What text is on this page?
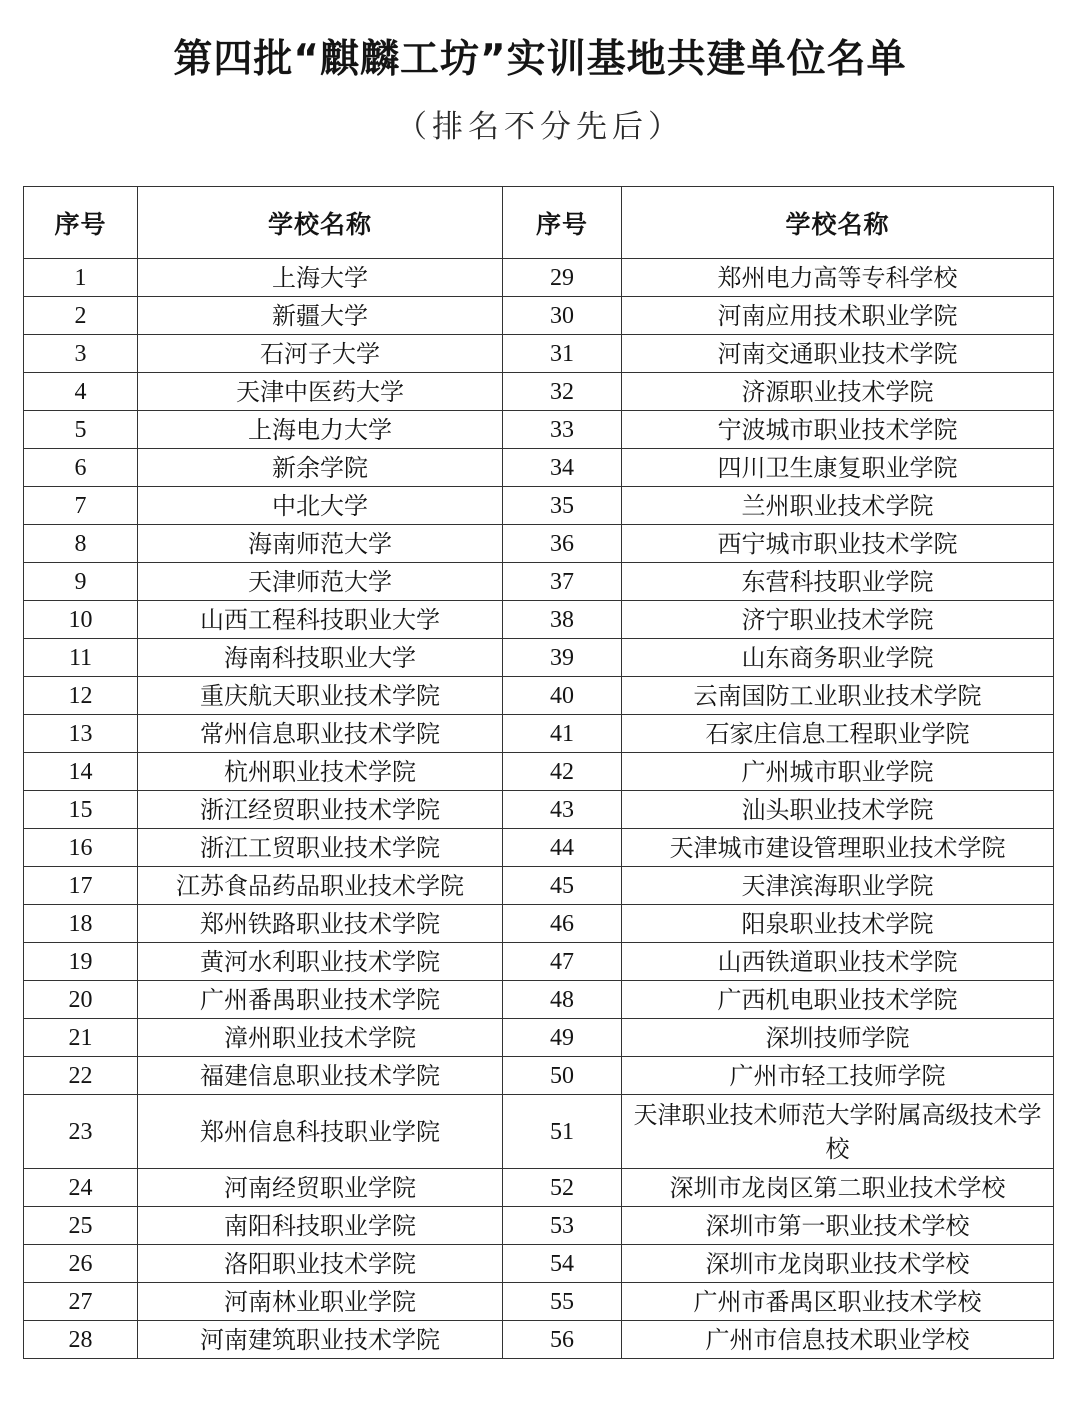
第四批“麒麟工坊”实训基地共建单位名单
（排名不分先后）
序号	学校名称	序号	学校名称
1	上海大学	29	郑州电力高等专科学校
2	新疆大学	30	河南应用技术职业学院
3	石河子大学	31	河南交通职业技术学院
4	天津中医药大学	32	济源职业技术学院
5	上海电力大学	33	宁波城市职业技术学院
6	新余学院	34	四川卫生康复职业学院
7	中北大学	35	兰州职业技术学院
8	海南师范大学	36	西宁城市职业技术学院
9	天津师范大学	37	东营科技职业学院
10	山西工程科技职业大学	38	济宁职业技术学院
11	海南科技职业大学	39	山东商务职业学院
12	重庆航天职业技术学院	40	云南国防工业职业技术学院
13	常州信息职业技术学院	41	石家庄信息工程职业学院
14	杭州职业技术学院	42	广州城市职业学院
15	浙江经贸职业技术学院	43	汕头职业技术学院
16	浙江工贸职业技术学院	44	天津城市建设管理职业技术学院
17	江苏食品药品职业技术学院	45	天津滨海职业学院
18	郑州铁路职业技术学院	46	阳泉职业技术学院
19	黄河水利职业技术学院	47	山西铁道职业技术学院
20	广州番禺职业技术学院	48	广西机电职业技术学院
21	漳州职业技术学院	49	深圳技师学院
22	福建信息职业技术学院	50	广州市轻工技师学院
23	郑州信息科技职业学院	51	天津职业技术师范大学附属高级技术学校
24	河南经贸职业学院	52	深圳市龙岗区第二职业技术学校
25	南阳科技职业学院	53	深圳市第一职业技术学校
26	洛阳职业技术学院	54	深圳市龙岗职业技术学校
27	河南林业职业学院	55	广州市番禺区职业技术学校
28	河南建筑职业技术学院	56	广州市信息技术职业学校
